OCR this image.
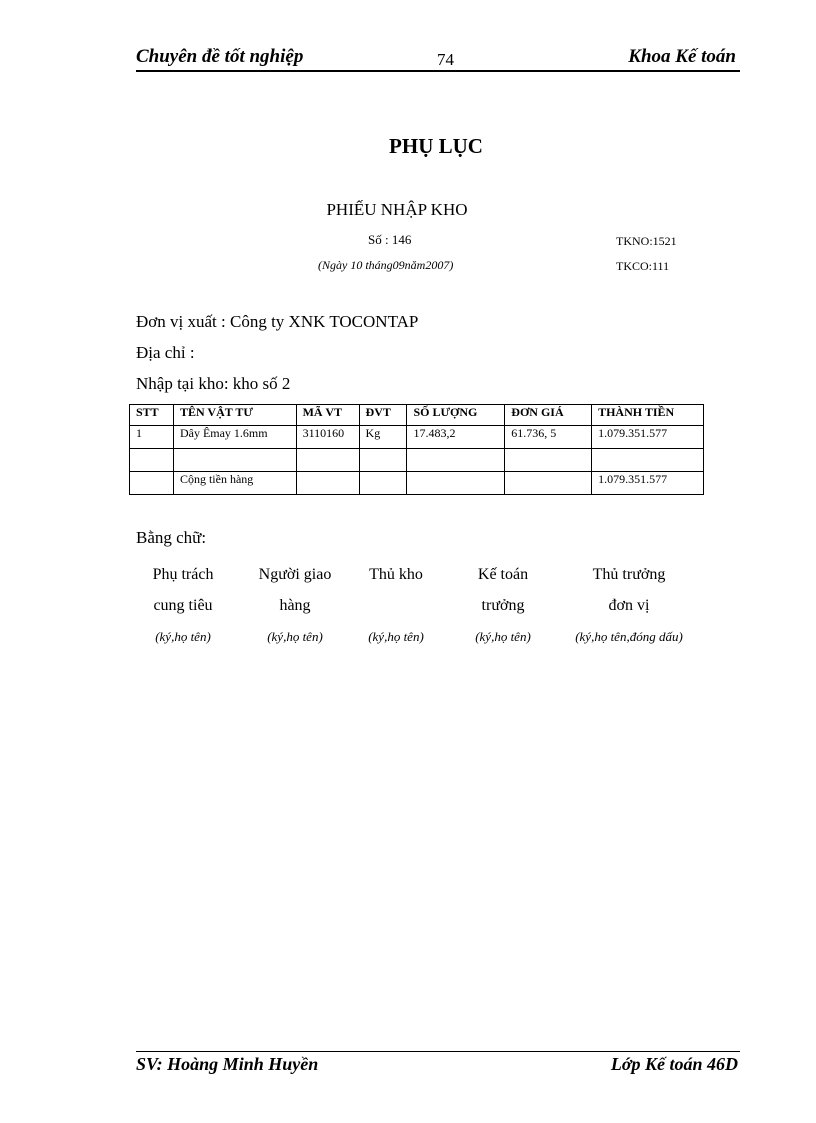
Chuyên đề tốt nghiệp	74	Khoa Kế toán
PHỤ LỤC
PHIẾU NHẬP KHO
Số : 146
(Ngày 10 tháng09năm2007)
TKNO:1521
TKCO:111
Đơn vị xuất : Công ty XNK TOCONTAP
Địa chỉ :
Nhập tại kho: kho số 2
STT	TÊN VẬT TƯ	MÃ VT	ĐVT	SỐ LƯỢNG	ĐƠN GIÁ	THÀNH TIỀN
1	Dây Êmay 1.6mm	3110160	Kg	17.483,2	61.736, 5	1.079.351.577

	Cộng tiền hàng					1.079.351.577
Bằng chữ:
Phụ trách
cung tiêu
(ký,họ tên)
Người giao
hàng
(ký,họ tên)
Thủ kho
(ký,họ tên)
Kế toán
trưởng
(ký,họ tên)
Thủ trưởng
đơn vị
(ký,họ tên,đóng dấu)
SV: Hoàng Minh Huyền	Lớp Kế toán 46D
